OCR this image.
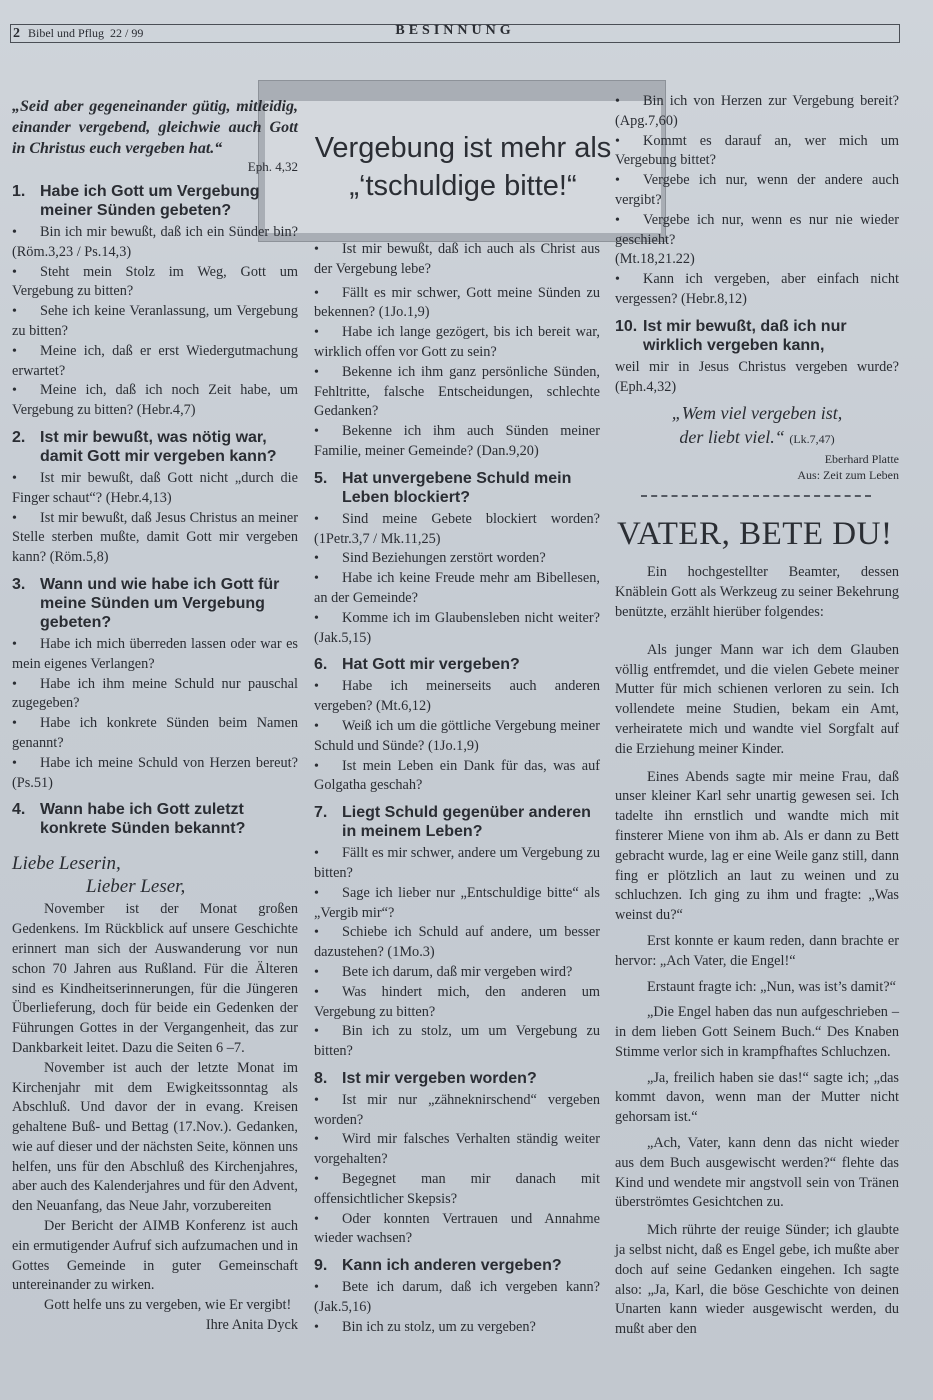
2 Bibel und Pflug 22 / 99	BESINNUNG
Vergebung ist mehr als
„‘tschuldige bitte!“

„Seid aber gegeneinander gütig, mitleidig, einander vergebend, gleichwie auch Gott in Christus euch vergeben hat.“

Eph. 4,32

1. Habe ich Gott um Vergebung meiner Sünden gebeten?

• Bin ich mir bewußt, daß ich ein Sünder bin? (Röm.3,23 / Ps.14,3)

• Steht mein Stolz im Weg, Gott um Vergebung zu bitten?

• Sehe ich keine Veranlassung, um Vergebung zu bitten?

• Meine ich, daß er erst Wiedergutmachung erwartet?

• Meine ich, daß ich noch Zeit habe, um Vergebung zu bitten? (Hebr.4,7)

2. Ist mir bewußt, was nötig war, damit Gott mir vergeben kann?

• Ist mir bewußt, daß Gott nicht „durch die Finger schaut“? (Hebr.4,13)

• Ist mir bewußt, daß Jesus Christus an meiner Stelle sterben mußte, damit Gott mir vergeben kann? (Röm.5,8)

3. Wann und wie habe ich Gott für meine Sünden um Vergebung gebeten?

• Habe ich mich überreden lassen oder war es mein eigenes Verlangen?

• Habe ich ihm meine Schuld nur pauschal zugegeben?

• Habe ich konkrete Sünden beim Namen genannt?

• Habe ich meine Schuld von Herzen bereut? (Ps.51)

4. Wann habe ich Gott zuletzt konkrete Sünden bekannt?
Liebe Leserin,
Lieber Leser,

November ist der Monat großen Gedenkens. Im Rückblick auf unsere Geschichte erinnert man sich der Auswanderung vor nun schon 70 Jahren aus Rußland. Für die Älteren sind es Kindheitserinnerungen, für die Jüngeren Überlieferung, doch für beide ein Gedenken der Führungen Gottes in der Vergangenheit, das zur Dankbarkeit leitet. Dazu die Seiten 6 –7.

November ist auch der letzte Monat im Kirchenjahr mit dem Ewigkeitssonntag als Abschluß. Und davor der in evang. Kreisen gehaltene Buß- und Bettag (17.Nov.). Gedanken, wie auf dieser und der nächsten Seite, können uns helfen, uns für den Abschluß des Kirchenjahres, aber auch des Kalenderjahres und für den Advent, den Neuanfang, das Neue Jahr, vorzubereiten

Der Bericht der AIMB Konferenz ist auch ein ermutigender Aufruf sich aufzumachen und in Gottes Gemeinde in guter Gemeinschaft untereinander zu wirken.

Gott helfe uns zu vergeben, wie Er vergibt!

Ihre Anita Dyck

• Ist mir bewußt, daß ich auch als Christ aus der Vergebung lebe?

• Fällt es mir schwer, Gott meine Sünden zu bekennen? (1Jo.1,9)

• Habe ich lange gezögert, bis ich bereit war, wirklich offen vor Gott zu sein?

• Bekenne ich ihm ganz persönliche Sünden, Fehltritte, falsche Entscheidungen, schlechte Gedanken?

• Bekenne ich ihm auch Sünden meiner Familie, meiner Gemeinde? (Dan.9,20)

5. Hat unvergebene Schuld mein Leben blockiert?

• Sind meine Gebete blockiert worden? (1Petr.3,7 / Mk.11,25)

• Sind Beziehungen zerstört worden?

• Habe ich keine Freude mehr am Bibellesen, an der Gemeinde?

• Komme ich im Glaubensleben nicht weiter? (Jak.5,15)

6. Hat Gott mir vergeben?

• Habe ich meinerseits auch anderen vergeben? (Mt.6,12)

• Weiß ich um die göttliche Vergebung meiner Schuld und Sünde? (1Jo.1,9)

• Ist mein Leben ein Dank für das, was auf Golgatha geschah?

7. Liegt Schuld gegenüber anderen in meinem Leben?

• Fällt es mir schwer, andere um Vergebung zu bitten?

• Sage ich lieber nur „Entschuldige bitte“ als „Vergib mir“?

• Schiebe ich Schuld auf andere, um besser dazustehen? (1Mo.3)

• Bete ich darum, daß mir vergeben wird?

• Was hindert mich, den anderen um Vergebung zu bitten?

• Bin ich zu stolz, um um Vergebung zu bitten?

8. Ist mir vergeben worden?

• Ist mir nur „zähneknirschend“ vergeben worden?

• Wird mir falsches Verhalten ständig weiter vorgehalten?

• Begegnet man mir danach mit offensichtlicher Skepsis?

• Oder konnten Vertrauen und Annahme wieder wachsen?

9. Kann ich anderen vergeben?

• Bete ich darum, daß ich vergeben kann? (Jak.5,16)

• Bin ich zu stolz, um zu vergeben?

• Bin ich von Herzen zur Vergebung bereit? (Apg.7,60)

• Kommt es darauf an, wer mich um Vergebung bittet?

• Vergebe ich nur, wenn der andere auch vergibt?

• Vergebe ich nur, wenn es nur nie wieder geschieht?

(Mt.18,21.22)

• Kann ich vergeben, aber einfach nicht vergessen? (Hebr.8,12)

10. Ist mir bewußt, daß ich nur wirklich vergeben kann,

weil mir in Jesus Christus vergeben wurde? (Eph.4,32)

„Wem viel vergeben ist,
der liebt viel.“ (Lk.7,47)

Eberhard Platte

Aus: Zeit zum Leben

VATER, BETE DU!

Ein hochgestellter Beamter, dessen Knäblein Gott als Werkzeug zu seiner Bekehrung benützte, erzählt hierüber folgendes:

Als junger Mann war ich dem Glauben völlig entfremdet, und die vielen Gebete meiner Mutter für mich schienen verloren zu sein. Ich vollendete meine Studien, bekam ein Amt, verheiratete mich und wandte viel Sorgfalt auf die Erziehung meiner Kinder.

Eines Abends sagte mir meine Frau, daß unser kleiner Karl sehr unartig gewesen sei. Ich tadelte ihn ernstlich und wandte mich mit finsterer Miene von ihm ab. Als er dann zu Bett gebracht wurde, lag er eine Weile ganz still, dann fing er plötzlich an laut zu weinen und zu schluchzen. Ich ging zu ihm und fragte: „Was weinst du?“

Erst konnte er kaum reden, dann brachte er hervor: „Ach Vater, die Engel!“

Erstaunt fragte ich: „Nun, was ist’s damit?“

„Die Engel haben das nun aufgeschrieben – in dem lieben Gott Seinem Buch.“ Des Knaben Stimme verlor sich in krampfhaftes Schluchzen.

„Ja, freilich haben sie das!“ sagte ich; „das kommt davon, wenn man der Mutter nicht gehorsam ist.“

„Ach, Vater, kann denn das nicht wieder aus dem Buch ausgewischt werden?“ flehte das Kind und wendete mir angstvoll sein von Tränen überströmtes Gesichtchen zu.

Mich rührte der reuige Sünder; ich glaubte ja selbst nicht, daß es Engel gebe, ich mußte aber doch auf seine Gedanken eingehen. Ich sagte also: „Ja, Karl, die böse Geschichte von deinen Unarten kann wieder ausgewischt werden, du mußt aber den
